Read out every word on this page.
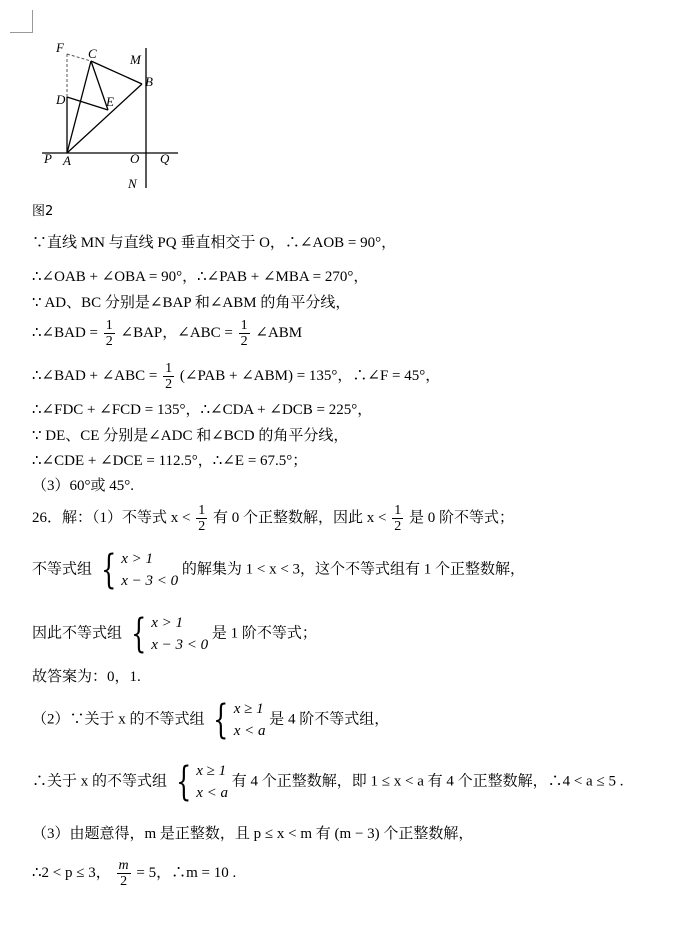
F C	M
B
D	E
P A	O Q
N
图2
∵直线 MN 与直线 PQ 垂直相交于 O，∴∠AOB = 90°，
∴∠OAB + ∠OBA = 90°，∴∠PAB + ∠MBA = 270°，
∵ AD、BC 分别是∠BAP 和∠ABM 的角平分线，
∴∠BAD = $\frac{1}{2}$ ∠BAP，∠ABC = $\frac{1}{2}$ ∠ABM
∴∠BAD + ∠ABC = $\frac{1}{2}$ (∠PAB + ∠ABM) = 135°，∴∠F = 45°，
∴∠FDC + ∠FCD = 135°，∴∠CDA + ∠DCB = 225°，
∵ DE、CE 分别是∠ADC 和∠BCD 的角平分线，
∴∠CDE + ∠DCE = 112.5°，∴∠E = 67.5°；
（3）60°或 45°.
26．解：（1）不等式 $x < \frac{1}{2}$ 有 0 个正整数解，因此 $x < \frac{1}{2}$ 是 0 阶不等式；
不等式组 { x > 1
x − 3 < 0
的解集为 1 < x < 3，这个不等式组有 1 个正整数解，
因此不等式组 { x > 1
x − 3 < 0
是 1 阶不等式；
故答案为：0，1.
（2）∵关于 x 的不等式组 { x ≥ 1
x < a
是 4 阶不等式组，
∴关于 x 的不等式组 { x ≥ 1
x < a
有 4 个正整数解，即 1 ≤ x < a 有 4 个正整数解，∴4 < a ≤ 5 .
（3）由题意得，m 是正整数，且 p ≤ x < m 有 (m − 3) 个正整数解，
∴2 < p ≤ 3， $\frac{m}{2} = 5$，∴m = 10 .
